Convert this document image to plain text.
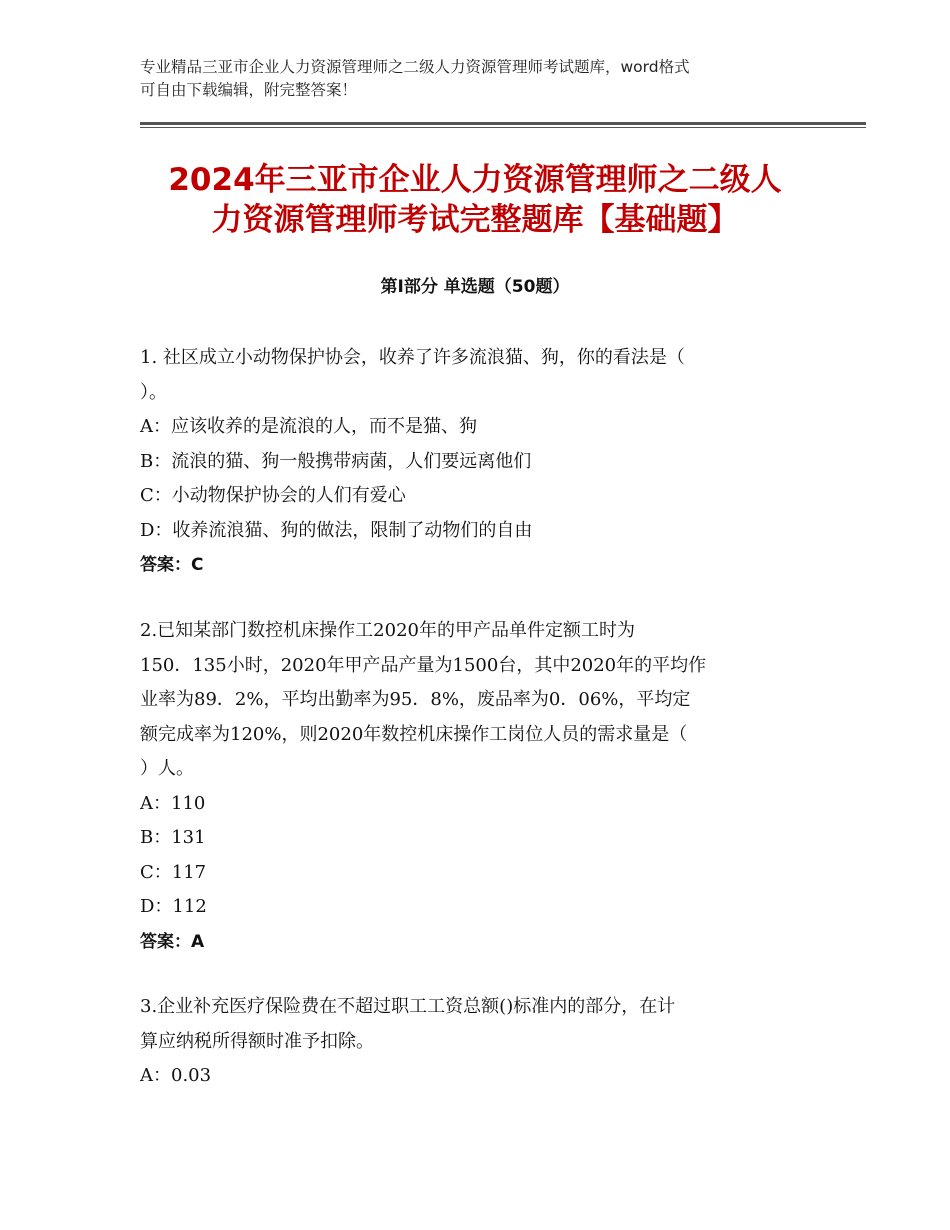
专业精品三亚市企业人力资源管理师之二级人力资源管理师考试题库，word格式
可自由下载编辑，附完整答案！
2024年三亚市企业人力资源管理师之二级人
力资源管理师考试完整题库【基础题】
第Ⅰ部分 单选题（50题）
1. 社区成立小动物保护协会，收养了许多流浪猫、狗，你的看法是（
）。
A：应该收养的是流浪的人，而不是猫、狗
B：流浪的猫、狗一般携带病菌，人们要远离他们
C：小动物保护协会的人们有爱心
D：收养流浪猫、狗的做法，限制了动物们的自由
答案：C
2.已知某部门数控机床操作工2020年的甲产品单件定额工时为
150．135小时，2020年甲产品产量为1500台，其中2020年的平均作
业率为89．2%，平均出勤率为95．8%，废品率为0．06%，平均定
额完成率为120%，则2020年数控机床操作工岗位人员的需求量是（
）人。
A：110
B：131
C：117
D：112
答案：A
3.企业补充医疗保险费在不超过职工工资总额()标准内的部分，在计
算应纳税所得额时准予扣除。
A：0.03
